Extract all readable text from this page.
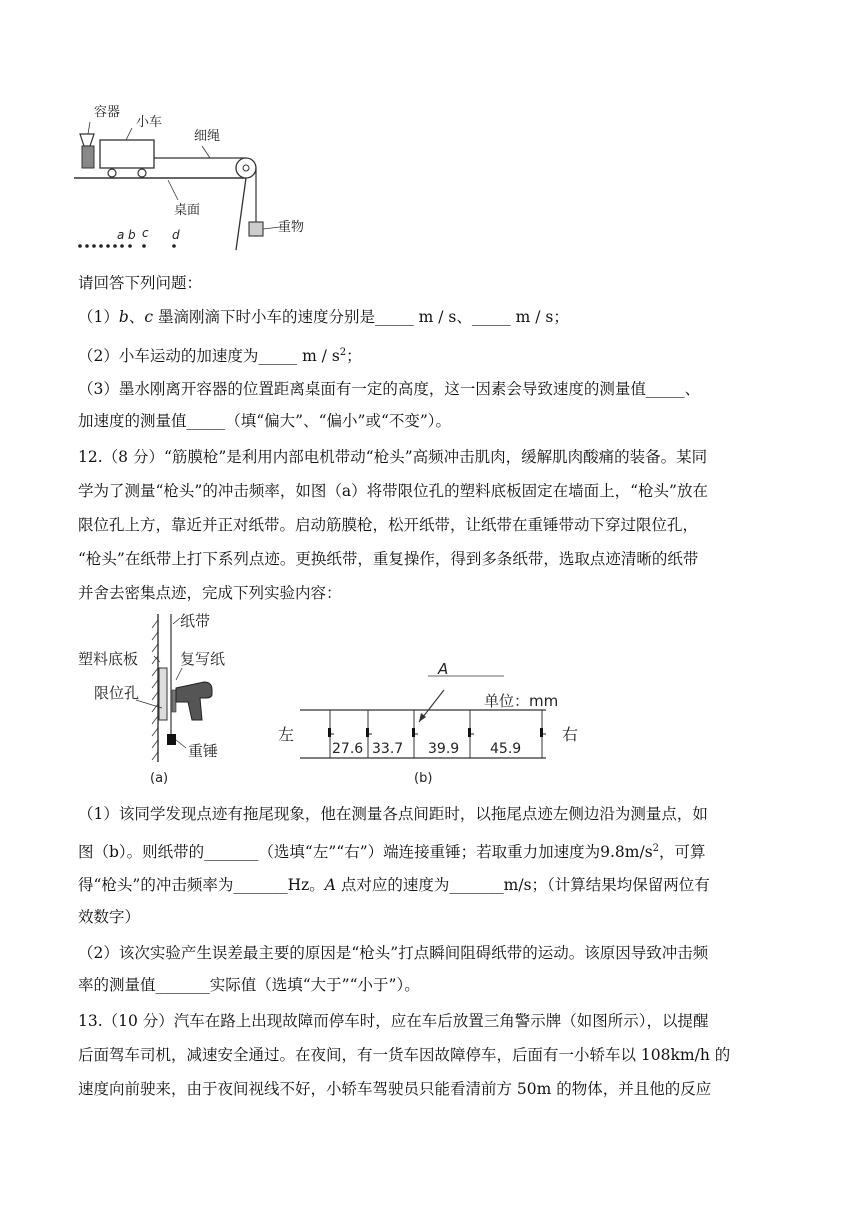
容器
小车
细绳
桌面
重物
a b c d
请回答下列问题：
（1）b、c 墨滴刚滴下时小车的速度分别是_____ m / s、_____ m / s；
（2）小车运动的加速度为_____ m / $s^2$；
（3）墨水刚离开容器的位置距离桌面有一定的高度，这一因素会导致速度的测量值_____、
加速度的测量值_____（填“偏大”、“偏小”或“不变”）。
12.（8 分）“筋膜枪”是利用内部电机带动“枪头”高频冲击肌肉，缓解肌肉酸痛的装备。某同
学为了测量“枪头”的冲击频率，如图（a）将带限位孔的塑料底板固定在墙面上，“枪头”放在
限位孔上方，靠近并正对纸带。启动筋膜枪，松开纸带，让纸带在重锤带动下穿过限位孔，
“枪头”在纸带上打下系列点迹。更换纸带，重复操作，得到多条纸带，选取点迹清晰的纸带
并舍去密集点迹，完成下列实验内容：
纸带
塑料底板	复写纸
限位孔
重锤
(a)
A
单位：mm
左	右
27.6 33.7 39.9 45.9
(b)
（1）该同学发现点迹有拖尾现象，他在测量各点间距时，以拖尾点迹左侧边沿为测量点，如
图（b）。则纸带的_______（选填“左”“右”）端连接重锤；若取重力加速度为$9.8m/s^2$，可算
得“枪头”的冲击频率为_______Hz。A 点对应的速度为_______m/s；（计算结果均保留两位有
效数字）
（2）该次实验产生误差最主要的原因是“枪头”打点瞬间阻碍纸带的运动。该原因导致冲击频
率的测量值_______实际值（选填“大于”“小于”）。
13.（10 分）汽车在路上出现故障而停车时，应在车后放置三角警示牌（如图所示），以提醒
后面驾车司机，减速安全通过。在夜间，有一货车因故障停车，后面有一小轿车以 108km/h 的
速度向前驶来，由于夜间视线不好，小轿车驾驶员只能看清前方 50m 的物体，并且他的反应
